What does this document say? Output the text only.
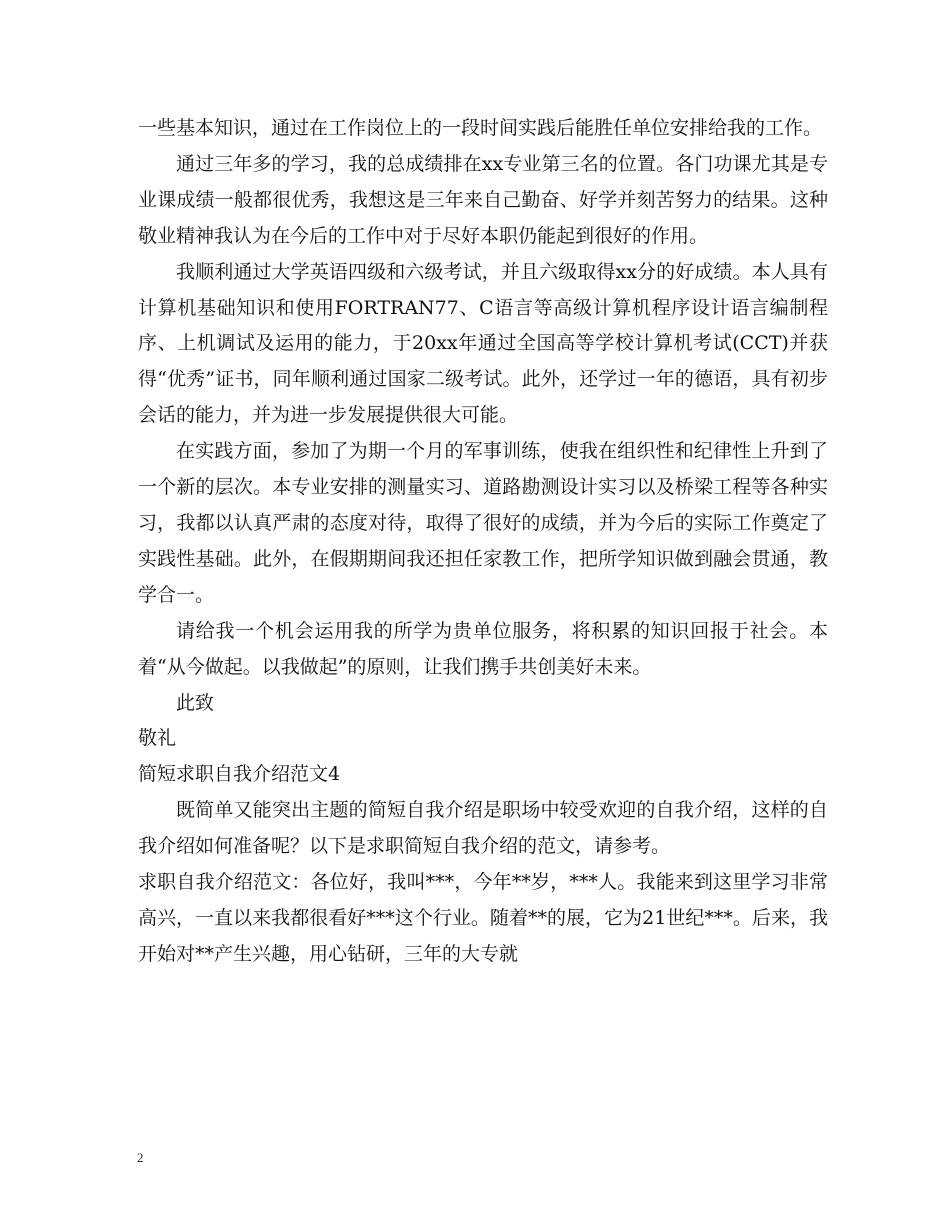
一些基本知识，通过在工作岗位上的一段时间实践后能胜任单位安排给我的工作。

通过三年多的学习，我的总成绩排在xx专业第三名的位置。各门功课尤其是专业课成绩一般都很优秀，我想这是三年来自己勤奋、好学并刻苦努力的结果。这种敬业精神我认为在今后的工作中对于尽好本职仍能起到很好的作用。

我顺利通过大学英语四级和六级考试，并且六级取得xx分的好成绩。本人具有计算机基础知识和使用FORTRAN77、C语言等高级计算机程序设计语言编制程序、上机调试及运用的能力，于20xx年通过全国高等学校计算机考试(CCT)并获得“优秀”证书，同年顺利通过国家二级考试。此外，还学过一年的德语，具有初步会话的能力，并为进一步发展提供很大可能。

在实践方面，参加了为期一个月的军事训练，使我在组织性和纪律性上升到了一个新的层次。本专业安排的测量实习、道路勘测设计实习以及桥梁工程等各种实习，我都以认真严肃的态度对待，取得了很好的成绩，并为今后的实际工作奠定了实践性基础。此外，在假期期间我还担任家教工作，把所学知识做到融会贯通，教学合一。

请给我一个机会运用我的所学为贵单位服务，将积累的知识回报于社会。本着“从今做起。以我做起”的原则，让我们携手共创美好未来。

此致

敬礼

简短求职自我介绍范文4

既简单又能突出主题的简短自我介绍是职场中较受欢迎的自我介绍，这样的自我介绍如何准备呢？以下是求职简短自我介绍的范文，请参考。

求职自我介绍范文：各位好，我叫***，今年**岁，***人。我能来到这里学习非常高兴，一直以来我都很看好***这个行业。随着**的展，它为21世纪***。后来，我开始对**产生兴趣，用心钻研，三年的大专就

2
